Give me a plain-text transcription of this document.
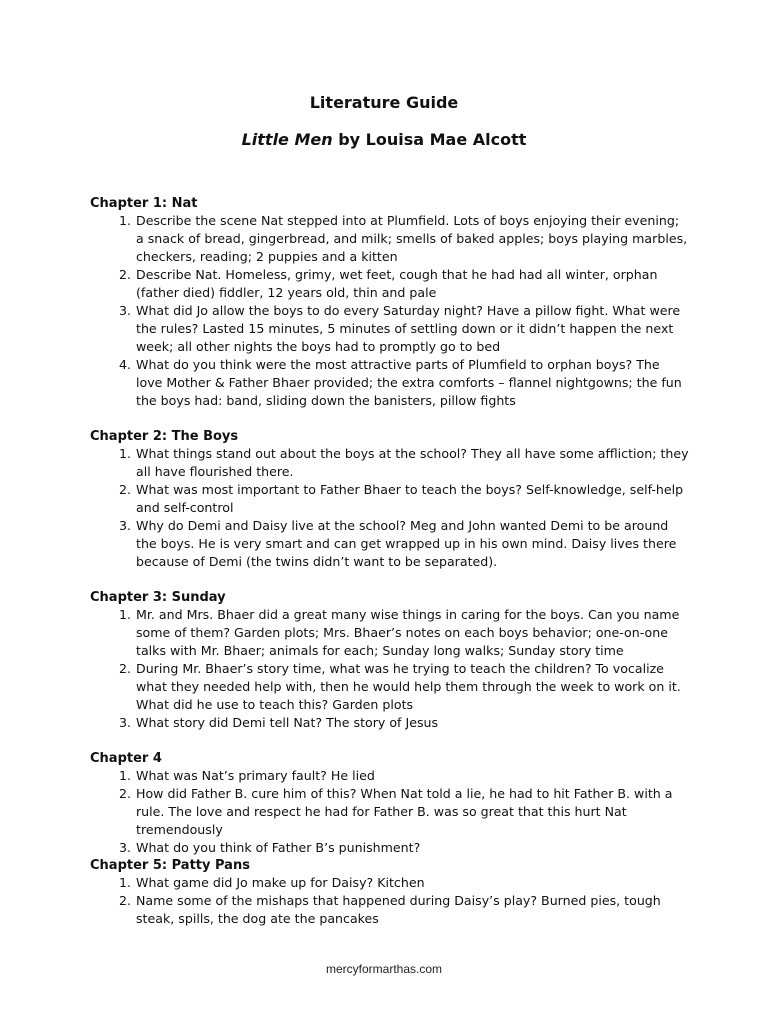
Literature Guide
Little Men by Louisa Mae Alcott

Chapter 1: Nat

1. Describe the scene Nat stepped into at Plumfield. Lots of boys enjoying their evening; a snack of bread, gingerbread, and milk; smells of baked apples; boys playing marbles, checkers, reading; 2 puppies and a kitten
2. Describe Nat. Homeless, grimy, wet feet, cough that he had had all winter, orphan (father died) fiddler, 12 years old, thin and pale
3. What did Jo allow the boys to do every Saturday night? Have a pillow fight. What were the rules? Lasted 15 minutes, 5 minutes of settling down or it didn’t happen the next week; all other nights the boys had to promptly go to bed
4. What do you think were the most attractive parts of Plumfield to orphan boys? The love Mother & Father Bhaer provided; the extra comforts – flannel nightgowns; the fun the boys had: band, sliding down the banisters, pillow fights

Chapter 2: The Boys

1. What things stand out about the boys at the school? They all have some affliction; they all have flourished there.
2. What was most important to Father Bhaer to teach the boys? Self-knowledge, self-help and self-control
3. Why do Demi and Daisy live at the school? Meg and John wanted Demi to be around the boys. He is very smart and can get wrapped up in his own mind. Daisy lives there because of Demi (the twins didn’t want to be separated).

Chapter 3: Sunday

1. Mr. and Mrs. Bhaer did a great many wise things in caring for the boys. Can you name some of them? Garden plots; Mrs. Bhaer’s notes on each boys behavior; one-on-one talks with Mr. Bhaer; animals for each; Sunday long walks; Sunday story time
2. During Mr. Bhaer’s story time, what was he trying to teach the children? To vocalize what they needed help with, then he would help them through the week to work on it. What did he use to teach this? Garden plots
3. What story did Demi tell Nat? The story of Jesus

Chapter 4

1. What was Nat’s primary fault? He lied
2. How did Father B. cure him of this? When Nat told a lie, he had to hit Father B. with a rule. The love and respect he had for Father B. was so great that this hurt Nat tremendously
3. What do you think of Father B’s punishment?

Chapter 5: Patty Pans

1. What game did Jo make up for Daisy? Kitchen
2. Name some of the mishaps that happened during Daisy’s play? Burned pies, tough steak, spills, the dog ate the pancakes
mercyformarthas.com
